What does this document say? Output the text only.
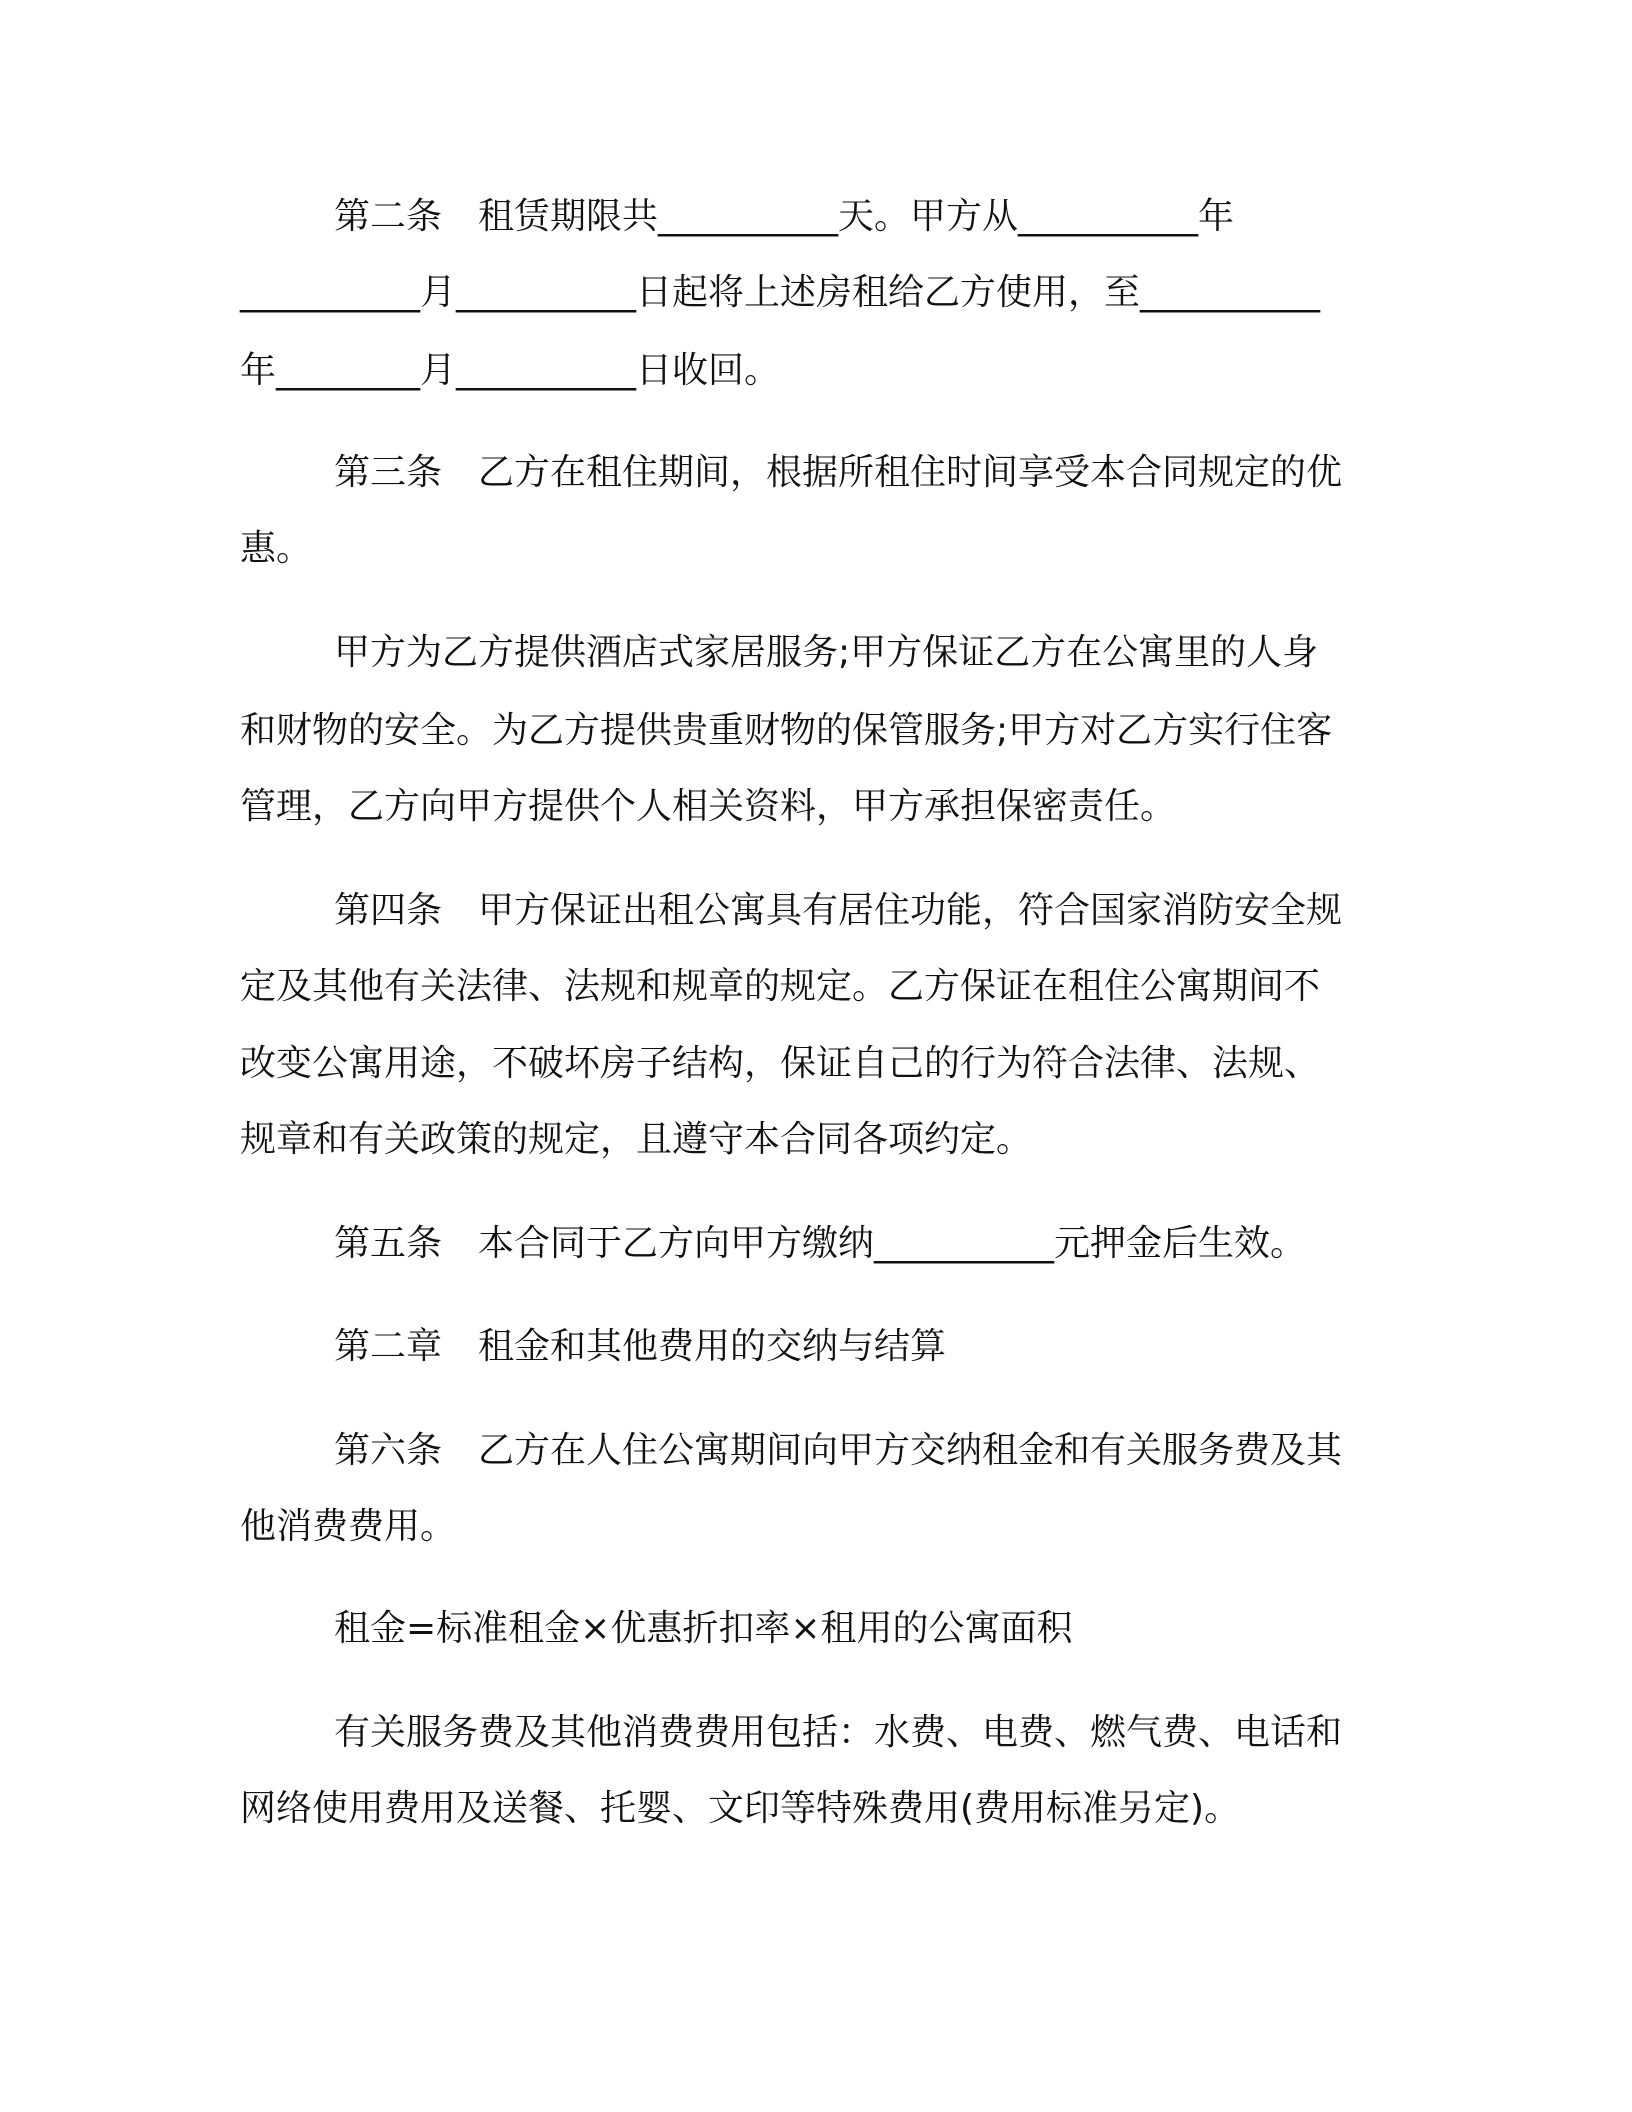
第二条　租赁期限共__________天。甲方从__________年
__________月__________日起将上述房租给乙方使用，至__________
年________月__________日收回。
第三条　乙方在租住期间，根据所租住时间享受本合同规定的优
惠。
甲方为乙方提供酒店式家居服务;甲方保证乙方在公寓里的人身
和财物的安全。为乙方提供贵重财物的保管服务;甲方对乙方实行住客
管理，乙方向甲方提供个人相关资料，甲方承担保密责任。
第四条　甲方保证出租公寓具有居住功能，符合国家消防安全规
定及其他有关法律、法规和规章的规定。乙方保证在租住公寓期间不
改变公寓用途，不破坏房子结构，保证自己的行为符合法律、法规、
规章和有关政策的规定，且遵守本合同各项约定。
第五条　本合同于乙方向甲方缴纳__________元押金后生效。
第二章　租金和其他费用的交纳与结算
第六条　乙方在人住公寓期间向甲方交纳租金和有关服务费及其
他消费费用。
租金=标准租金×优惠折扣率×租用的公寓面积
有关服务费及其他消费费用包括：水费、电费、燃气费、电话和
网络使用费用及送餐、托婴、文印等特殊费用(费用标准另定)。
